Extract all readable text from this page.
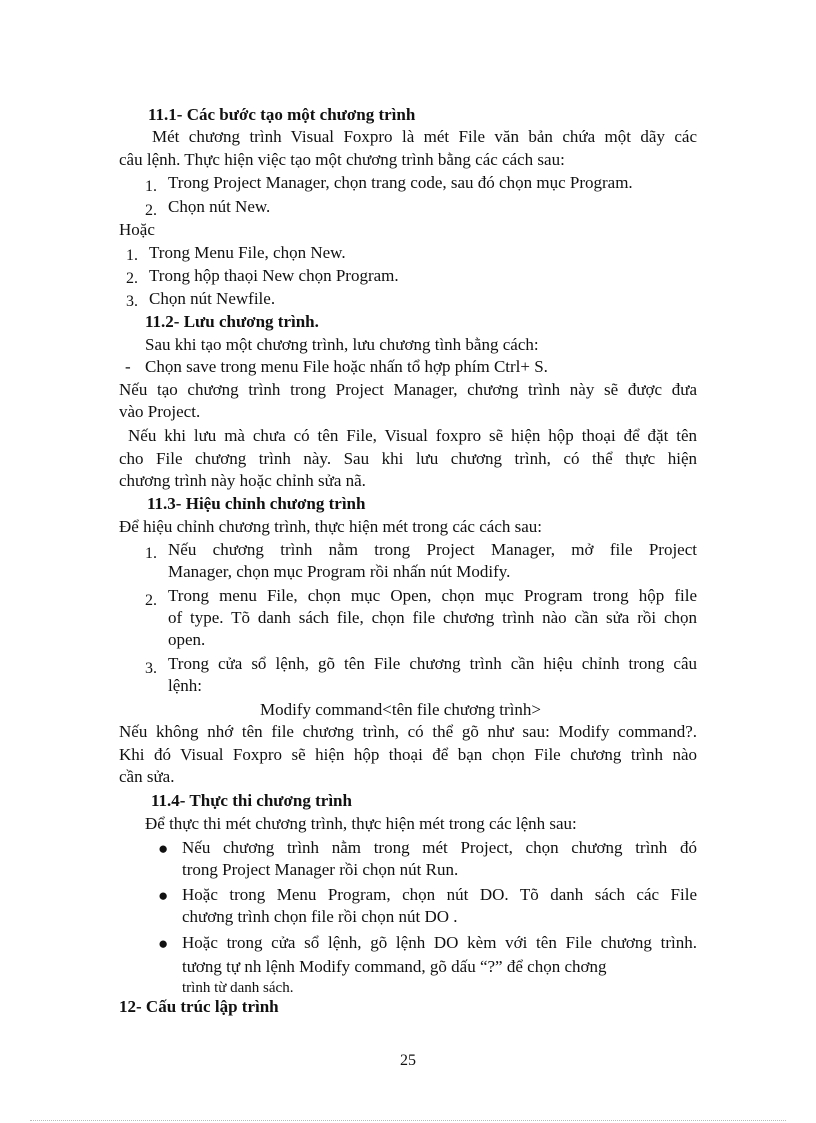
11.1- Các bước tạo một chương trình
Mét chương trình Visual Foxpro là mét File văn bản chứa một dãy các
câu lệnh. Thực hiện việc tạo một chương trình bằng các cách sau:
1. Trong Project Manager, chọn trang code, sau đó chọn mục Program.
2. Chọn nút New.
Hoặc
1. Trong Menu File, chọn New.
2. Trong hộp thaọi New chọn Program.
3. Chọn nút Newfile.
11.2- Lưu chương trình.
Sau khi tạo một chương trình, lưu chương tình bằng cách:
- Chọn save trong menu File hoặc nhấn tổ hợp phím Ctrl+ S.
Nếu tạo chương trình trong Project Manager, chương trình này sẽ được đưa
vào Project.
Nếu khi lưu mà chưa có tên File, Visual foxpro sẽ hiện hộp thoại để đặt tên
cho File chương trình này. Sau khi lưu chương trình, có thể thực hiện
chương trình này hoặc chỉnh sửa nã.
11.3- Hiệu chỉnh chương trình
Để hiệu chỉnh chương trình, thực hiện mét trong các cách sau:
1. Nếu chương trình nằm trong Project Manager, mở file Project
Manager, chọn mục Program rồi nhấn nút Modify.
2. Trong menu File, chọn mục Open, chọn mục Program trong hộp file
of type. Tõ danh sách file, chọn file chương trình nào cần sửa rồi chọn
open.
3. Trong cửa sổ lệnh, gõ tên File chương trình cần hiệu chỉnh trong câu
lệnh:
Modify command<tên file chương trình>
Nếu không nhớ tên file chương trình, có thể gõ như sau: Modify command?.
Khi đó Visual Foxpro sẽ hiện hộp thoại để bạn chọn File chương trình nào
cần sửa.
11.4- Thực thi chương trình
Để thực thi mét chương trình, thực hiện mét trong các lệnh sau:
● Nếu chương trình nằm trong mét Project, chọn chương trình đó
trong Project Manager rồi chọn nút Run.
● Hoặc trong Menu Program, chọn nút DO. Tõ danh sách các File
chương trình chọn file rồi chọn nút DO .
● Hoặc trong cửa sổ lệnh, gõ lệnh DO kèm với tên File chương trình.
tương tự nh lệnh Modify command, gõ dấu “?” để chọn chơng
trình từ danh sách.
12- Cấu trúc lập trình
25
